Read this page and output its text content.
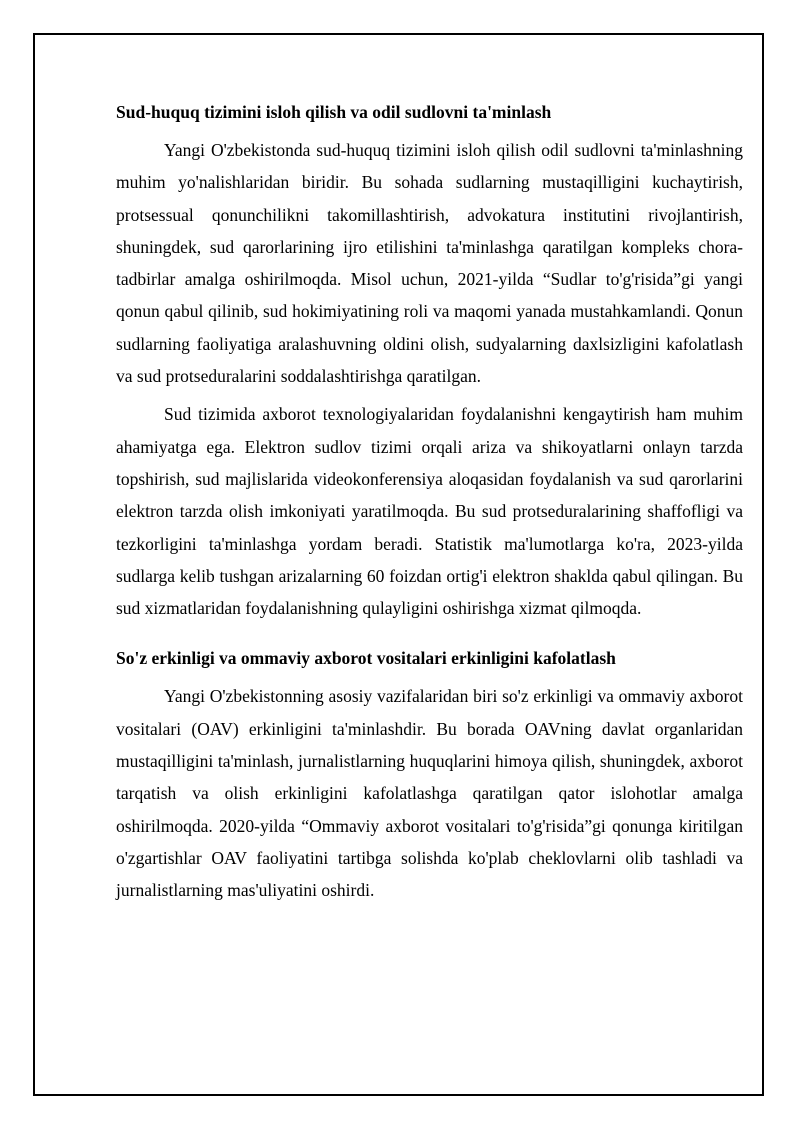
Sud-huquq tizimini isloh qilish va odil sudlovni ta'minlash

Yangi O'zbekistonda sud-huquq tizimini isloh qilish odil sudlovni ta'minlashning muhim yo'nalishlaridan biridir. Bu sohada sudlarning mustaqilligini kuchaytirish, protsessual qonunchilikni takomillashtirish, advokatura institutini rivojlantirish, shuningdek, sud qarorlarining ijro etilishini ta'minlashga qaratilgan kompleks chora-tadbirlar amalga oshirilmoqda. Misol uchun, 2021-yilda “Sudlar to'g'risida”gi yangi qonun qabul qilinib, sud hokimiyatining roli va maqomi yanada mustahkamlandi. Qonun sudlarning faoliyatiga aralashuvning oldini olish, sudyalarning daxlsizligini kafolatlash va sud protseduralarini soddalashtirishga qaratilgan.

Sud tizimida axborot texnologiyalaridan foydalanishni kengaytirish ham muhim ahamiyatga ega. Elektron sudlov tizimi orqali ariza va shikoyatlarni onlayn tarzda topshirish, sud majlislarida videokonferensiya aloqasidan foydalanish va sud qarorlarini elektron tarzda olish imkoniyati yaratilmoqda. Bu sud protseduralarining shaffofligi va tezkorligini ta'minlashga yordam beradi. Statistik ma'lumotlarga ko'ra, 2023-yilda sudlarga kelib tushgan arizalarning 60 foizdan ortig'i elektron shaklda qabul qilingan. Bu sud xizmatlaridan foydalanishning qulayligini oshirishga xizmat qilmoqda.

So'z erkinligi va ommaviy axborot vositalari erkinligini kafolatlash

Yangi O'zbekistonning asosiy vazifalaridan biri so'z erkinligi va ommaviy axborot vositalari (OAV) erkinligini ta'minlashdir. Bu borada OAVning davlat organlaridan mustaqilligini ta'minlash, jurnalistlarning huquqlarini himoya qilish, shuningdek, axborot tarqatish va olish erkinligini kafolatlashga qaratilgan qator islohotlar amalga oshirilmoqda. 2020-yilda “Ommaviy axborot vositalari to'g'risida”gi qonunga kiritilgan o'zgartishlar OAV faoliyatini tartibga solishda ko'plab cheklovlarni olib tashladi va jurnalistlarning mas'uliyatini oshirdi.
